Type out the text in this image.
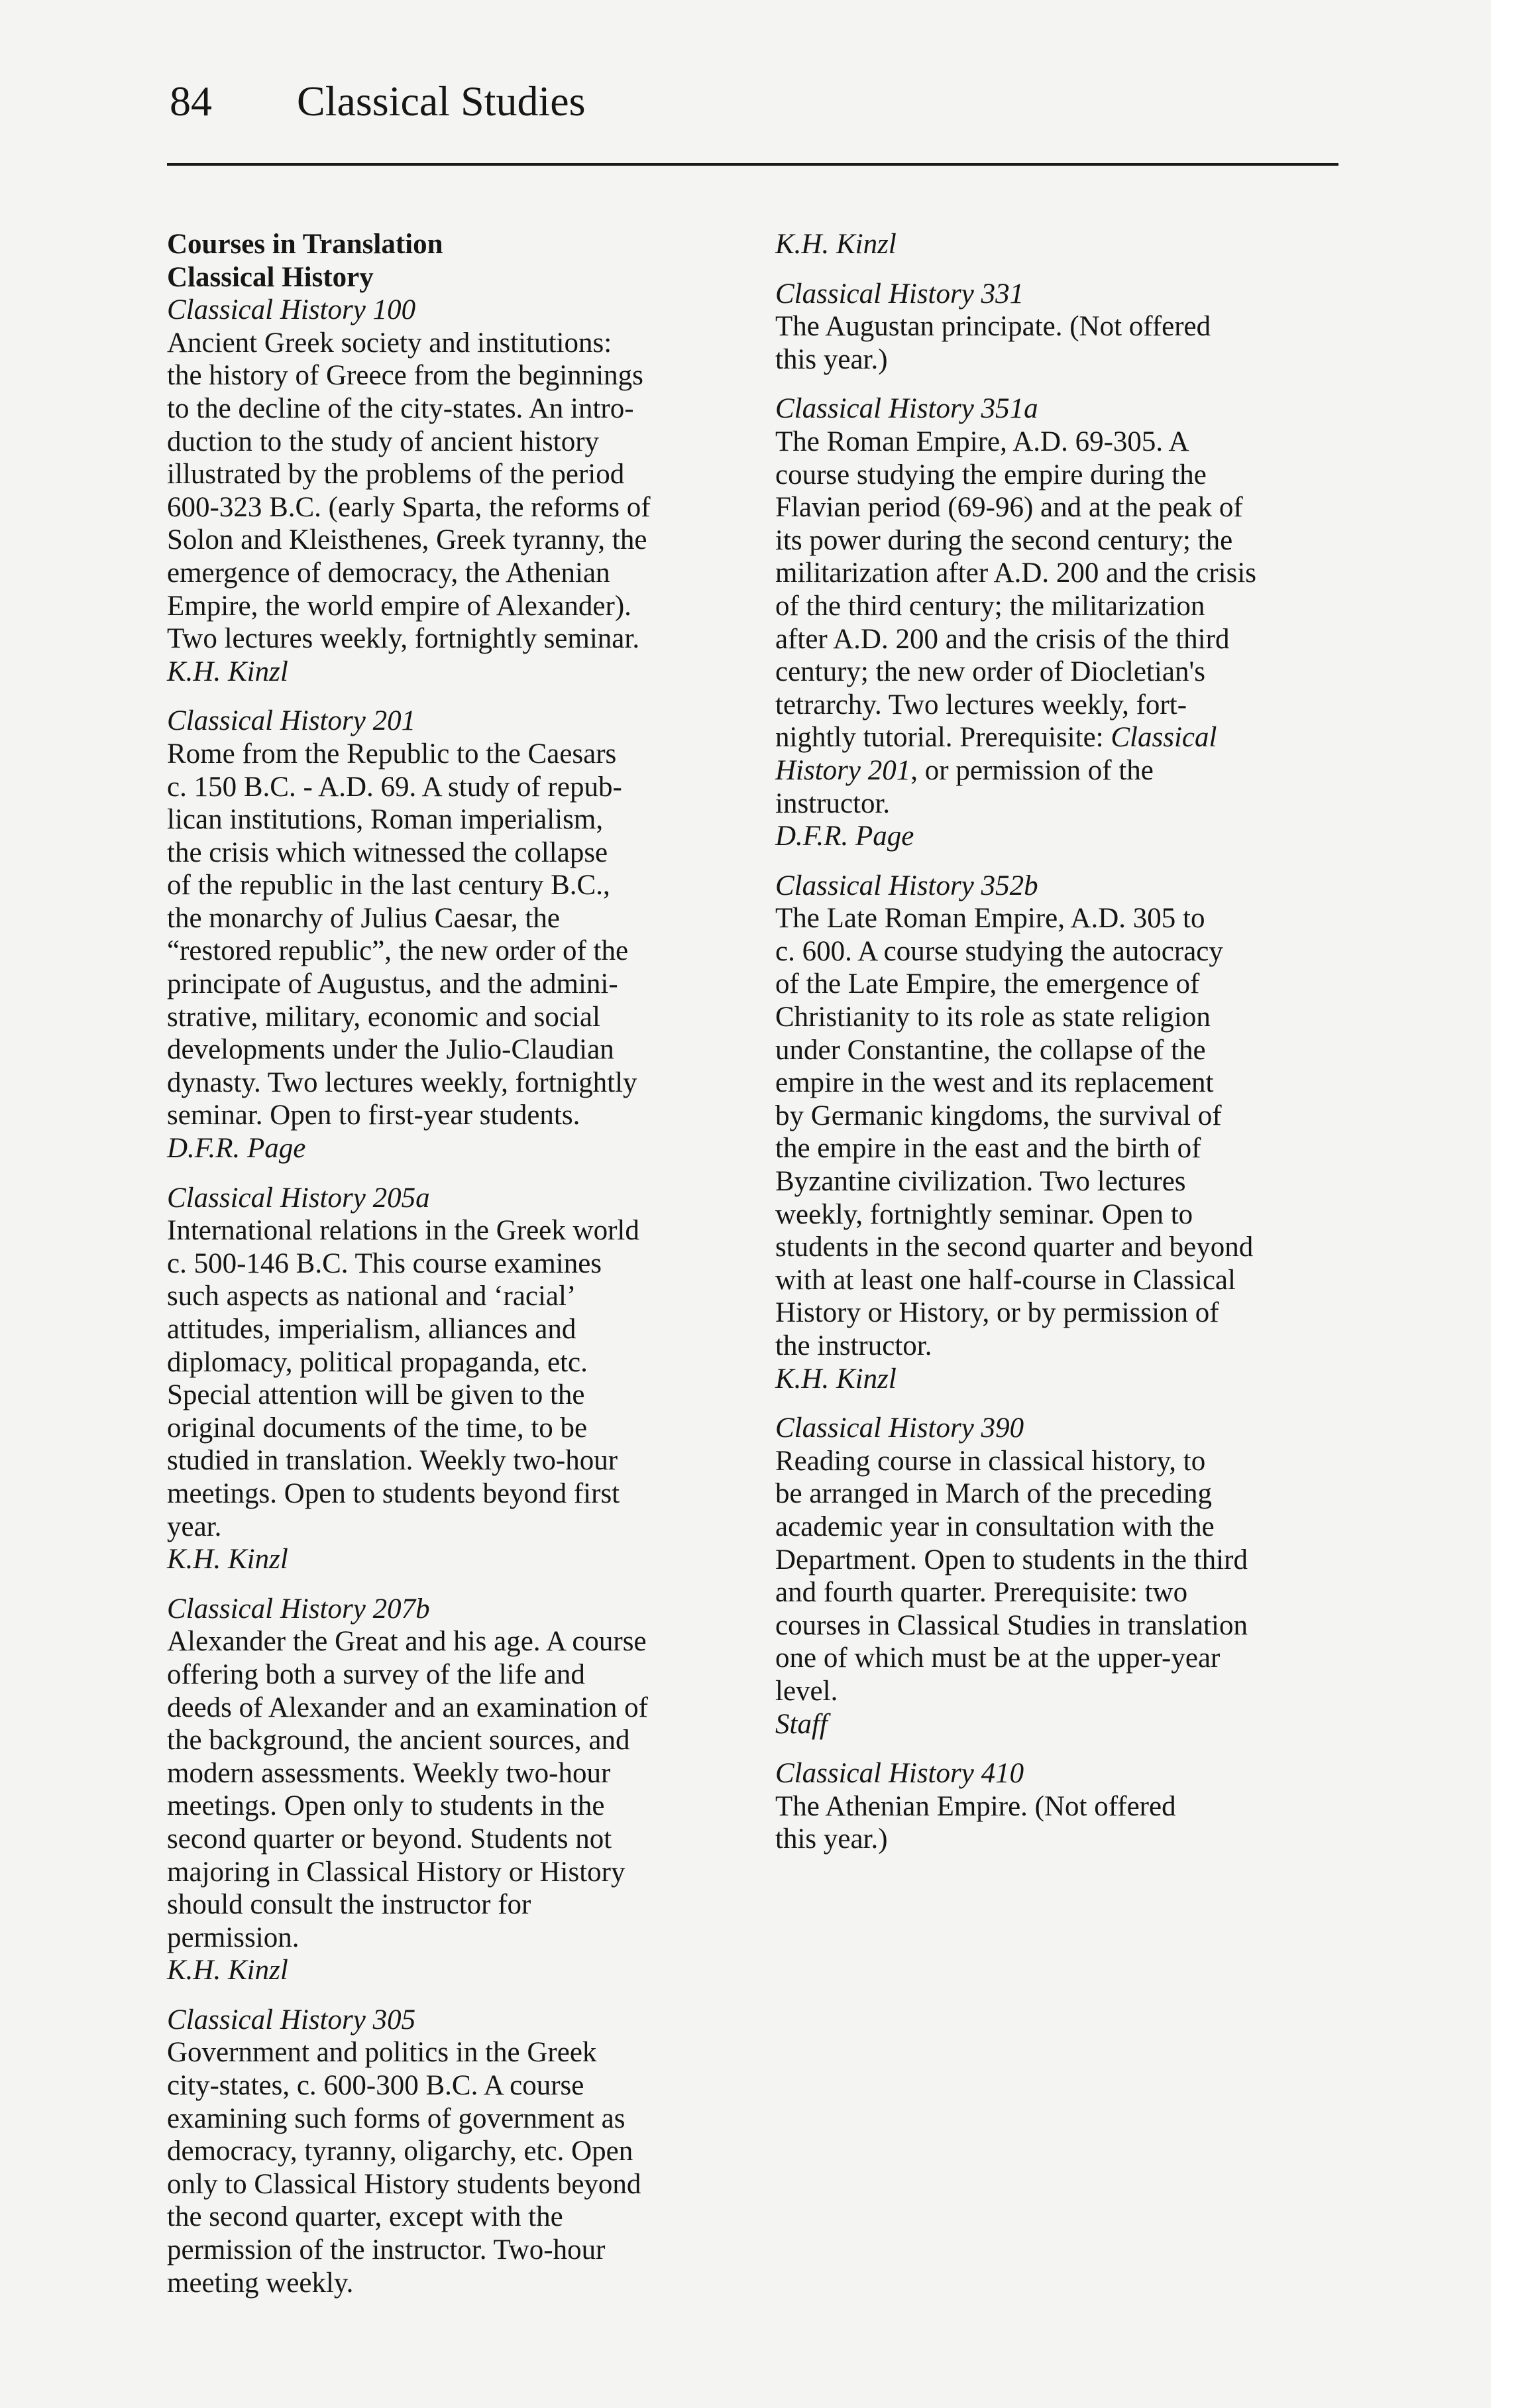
84 Classical Studies

Courses in Translation

Classical History

Classical History 100

Ancient Greek society and institutions:
the history of Greece from the beginnings
to the decline of the city-states. An intro-
duction to the study of ancient history
illustrated by the problems of the period
600-323 B.C. (early Sparta, the reforms of
Solon and Kleisthenes, Greek tyranny, the
emergence of democracy, the Athenian
Empire, the world empire of Alexander).
Two lectures weekly, fortnightly seminar.

K.H. Kinzl

Classical History 201

Rome from the Republic to the Caesars
c. 150 B.C. - A.D. 69. A study of repub-
lican institutions, Roman imperialism,
the crisis which witnessed the collapse
of the republic in the last century B.C.,
the monarchy of Julius Caesar, the
“restored republic”, the new order of the
principate of Augustus, and the admini-
strative, military, economic and social
developments under the Julio-Claudian
dynasty. Two lectures weekly, fortnightly
seminar. Open to first-year students.

D.F.R. Page

Classical History 205a

International relations in the Greek world
c. 500-146 B.C. This course examines
such aspects as national and ‘racial’
attitudes, imperialism, alliances and
diplomacy, political propaganda, etc.
Special attention will be given to the
original documents of the time, to be
studied in translation. Weekly two-hour
meetings. Open to students beyond first
year.

K.H. Kinzl

Classical History 207b

Alexander the Great and his age. A course
offering both a survey of the life and
deeds of Alexander and an examination of
the background, the ancient sources, and
modern assessments. Weekly two-hour
meetings. Open only to students in the
second quarter or beyond. Students not
majoring in Classical History or History
should consult the instructor for
permission.

K.H. Kinzl

Classical History 305

Government and politics in the Greek
city-states, c. 600-300 B.C. A course
examining such forms of government as
democracy, tyranny, oligarchy, etc. Open
only to Classical History students beyond
the second quarter, except with the
permission of the instructor. Two-hour
meeting weekly.

K.H. Kinzl

Classical History 331

The Augustan principate. (Not offered
this year.)

Classical History 351a

The Roman Empire, A.D. 69-305. A
course studying the empire during the
Flavian period (69-96) and at the peak of
its power during the second century; the
militarization after A.D. 200 and the crisis
of the third century; the militarization
after A.D. 200 and the crisis of the third
century; the new order of Diocletian's
tetrarchy. Two lectures weekly, fort-
nightly tutorial. Prerequisite: Classical
History 201, or permission of the
instructor.

D.F.R. Page

Classical History 352b

The Late Roman Empire, A.D. 305 to
c. 600. A course studying the autocracy
of the Late Empire, the emergence of
Christianity to its role as state religion
under Constantine, the collapse of the
empire in the west and its replacement
by Germanic kingdoms, the survival of
the empire in the east and the birth of
Byzantine civilization. Two lectures
weekly, fortnightly seminar. Open to
students in the second quarter and beyond
with at least one half-course in Classical
History or History, or by permission of
the instructor.

K.H. Kinzl

Classical History 390

Reading course in classical history, to
be arranged in March of the preceding
academic year in consultation with the
Department. Open to students in the third
and fourth quarter. Prerequisite: two
courses in Classical Studies in translation
one of which must be at the upper-year
level.

Staff

Classical History 410

The Athenian Empire. (Not offered
this year.)
